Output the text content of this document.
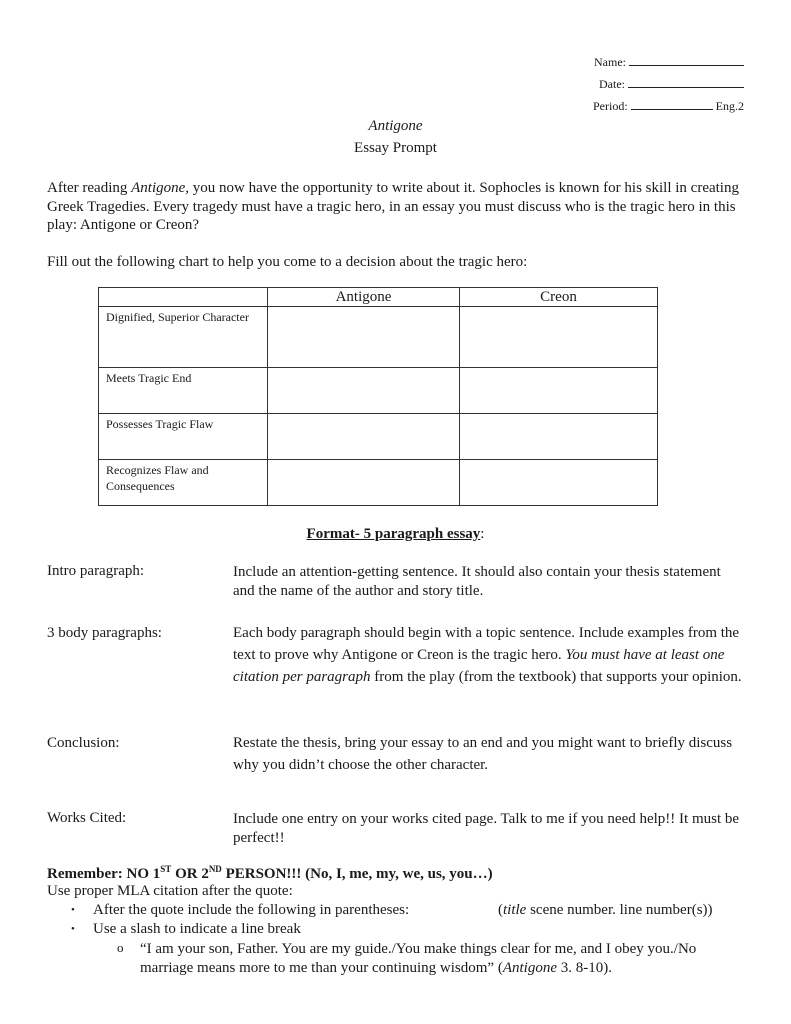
Name:
Date:
Period:	Eng.2
Antigone
Essay Prompt
After reading Antigone, you now have the opportunity to write about it. Sophocles is known for his skill in creating Greek Tragedies. Every tragedy must have a tragic hero, in an essay you must discuss who is the tragic hero in this play: Antigone or Creon?
Fill out the following chart to help you come to a decision about the tragic hero:
	Antigone	Creon
Dignified, Superior Character		
Meets Tragic End		
Possesses Tragic Flaw		
Recognizes Flaw and Consequences		
Format- 5 paragraph essay:
Intro paragraph:	Include an attention-getting sentence. It should also contain your thesis statement and the name of the author and story title.
3 body paragraphs:	Each body paragraph should begin with a topic sentence. Include examples from the text to prove why Antigone or Creon is the tragic hero. You must have at least one citation per paragraph from the play (from the textbook) that supports your opinion.
Conclusion:	Restate the thesis, bring your essay to an end and you might want to briefly discuss why you didn’t choose the other character.
Works Cited:	Include one entry on your works cited page. Talk to me if you need help!! It must be perfect!!
Remember: NO 1ST OR 2ND PERSON!!! (No, I, me, my, we, us, you…)
Use proper MLA citation after the quote:
• After the quote include the following in parentheses:	(title scene number. line number(s))
• Use a slash to indicate a line break
o “I am your son, Father. You are my guide./You make things clear for me, and I obey you./No marriage means more to me than your continuing wisdom” (Antigone 3. 8-10).
